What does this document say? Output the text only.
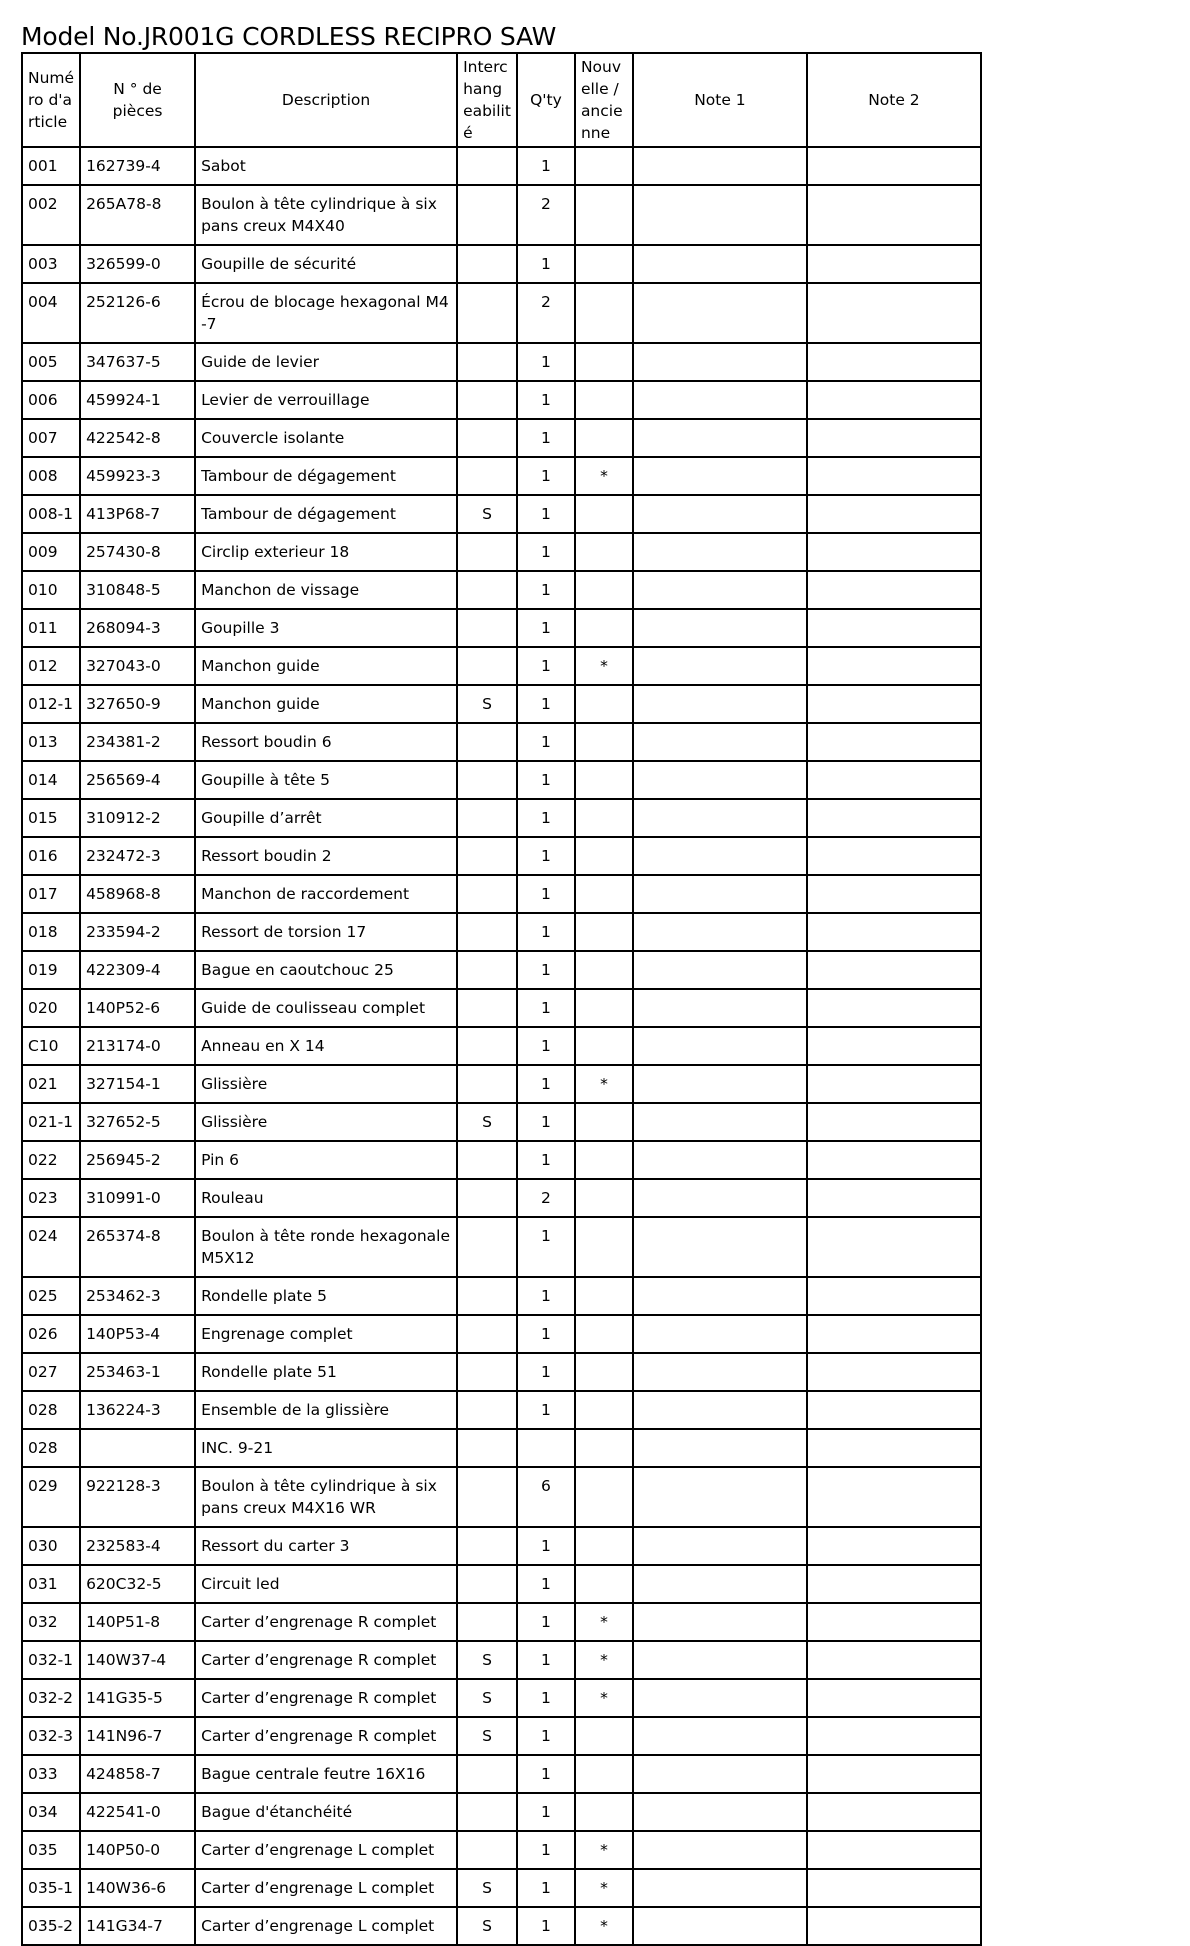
Model No.JR001G CORDLESS RECIPRO SAW
Numé ro d'a rticle	N ° de pièces	Description	Interc hang eabilit é	Q'ty	Nouv elle / ancie nne	Note 1	Note 2
001	162739-4	Sabot		1			
002	265A78-8	Boulon à tête cylindrique à six pans creux M4X40		2			
003	326599-0	Goupille de sécurité		1			
004	252126-6	Écrou de blocage hexagonal M4-7		2			
005	347637-5	Guide de levier		1			
006	459924-1	Levier de verrouillage		1			
007	422542-8	Couvercle isolante		1			
008	459923-3	Tambour de dégagement		1	*		
008-1	413P68-7	Tambour de dégagement	S	1			
009	257430-8	Circlip exterieur 18		1			
010	310848-5	Manchon de vissage		1			
011	268094-3	Goupille 3		1			
012	327043-0	Manchon guide		1	*		
012-1	327650-9	Manchon guide	S	1			
013	234381-2	Ressort boudin 6		1			
014	256569-4	Goupille à tête 5		1			
015	310912-2	Goupille d’arrêt		1			
016	232472-3	Ressort boudin 2		1			
017	458968-8	Manchon de raccordement		1			
018	233594-2	Ressort de torsion 17		1			
019	422309-4	Bague en caoutchouc 25		1			
020	140P52-6	Guide de coulisseau complet		1			
C10	213174-0	Anneau en X 14		1			
021	327154-1	Glissière		1	*		
021-1	327652-5	Glissière	S	1			
022	256945-2	Pin 6		1			
023	310991-0	Rouleau		2			
024	265374-8	Boulon à tête ronde hexagonale M5X12		1			
025	253462-3	Rondelle plate 5		1			
026	140P53-4	Engrenage complet		1			
027	253463-1	Rondelle plate 51		1			
028	136224-3	Ensemble de la glissière		1			
028		INC. 9-21					
029	922128-3	Boulon à tête cylindrique à six pans creux M4X16 WR		6			
030	232583-4	Ressort du carter 3		1			
031	620C32-5	Circuit led		1			
032	140P51-8	Carter d’engrenage R complet		1	*		
032-1	140W37-4	Carter d’engrenage R complet	S	1	*		
032-2	141G35-5	Carter d’engrenage R complet	S	1	*		
032-3	141N96-7	Carter d’engrenage R complet	S	1			
033	424858-7	Bague centrale feutre 16X16		1			
034	422541-0	Bague d'étanchéité		1			
035	140P50-0	Carter d’engrenage L complet		1	*		
035-1	140W36-6	Carter d’engrenage L complet	S	1	*		
035-2	141G34-7	Carter d’engrenage L complet	S	1	*		
